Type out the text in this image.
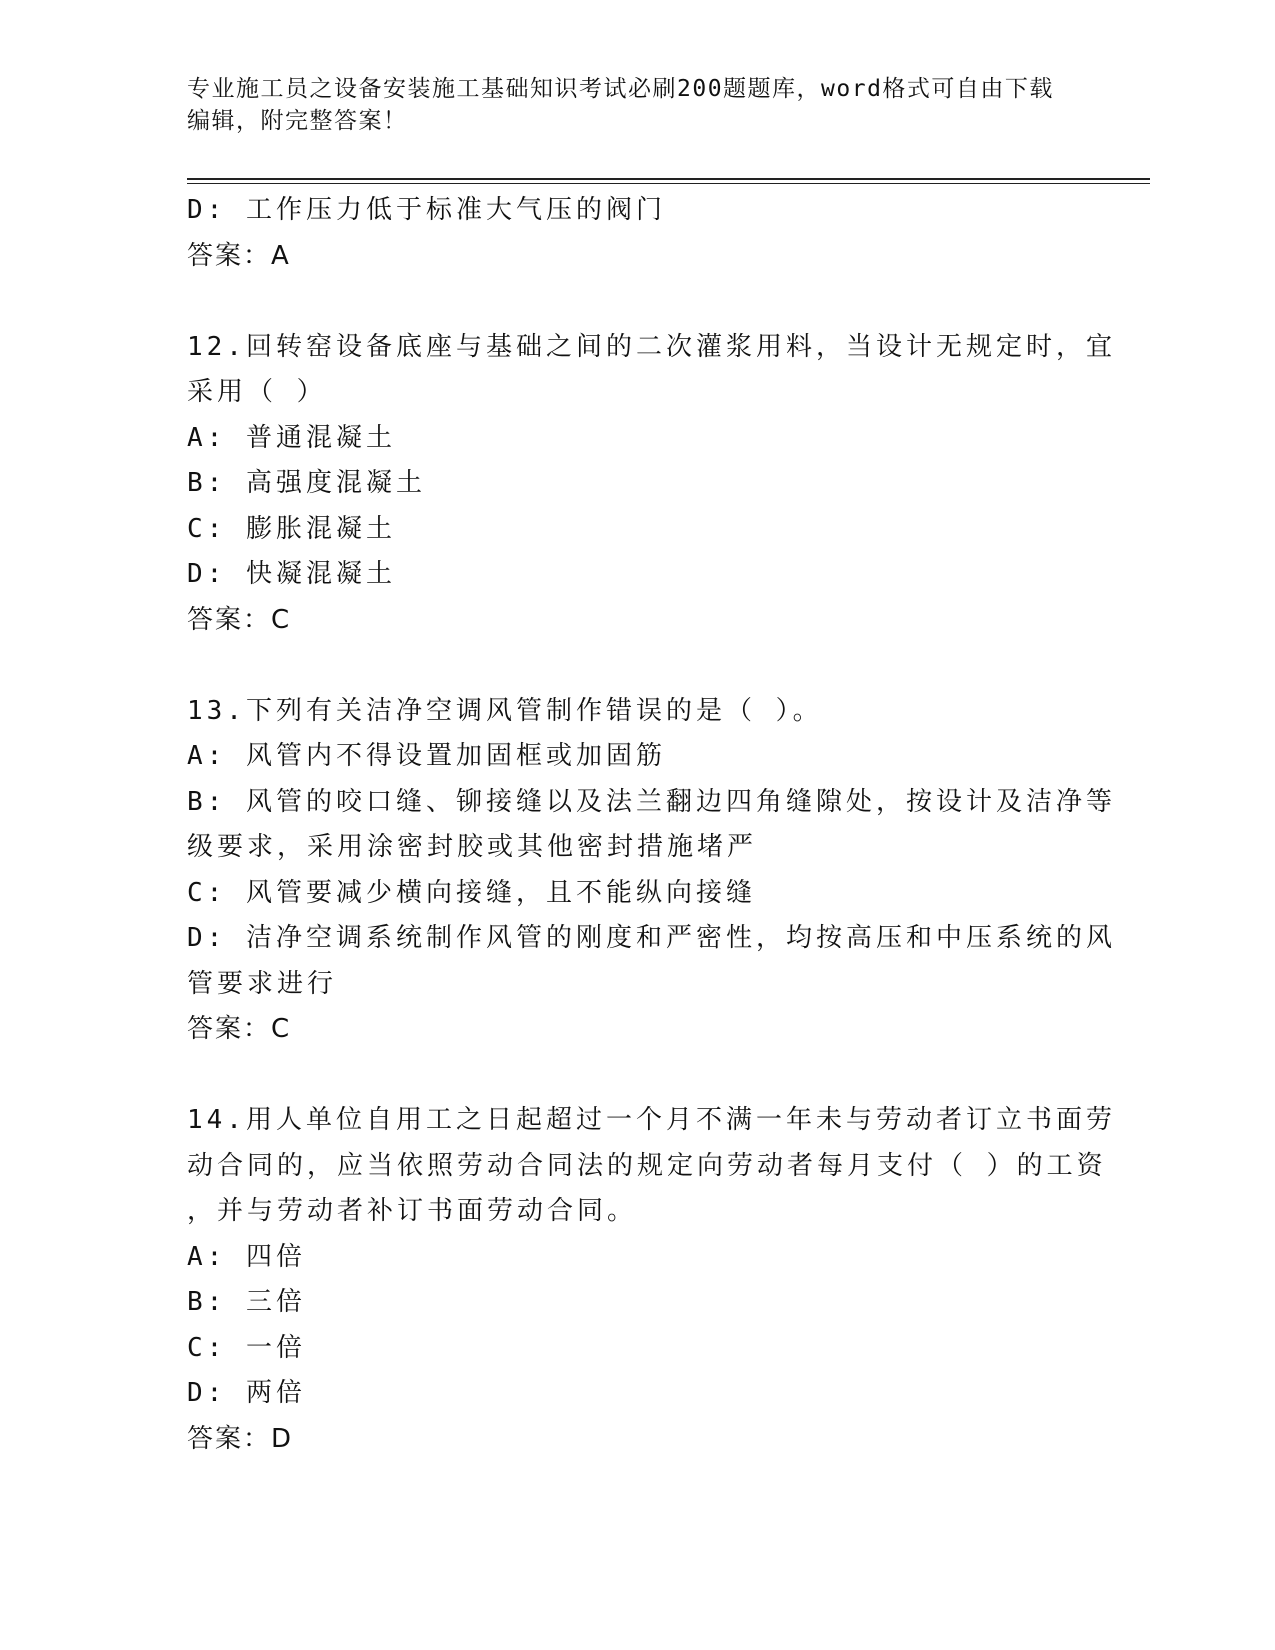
专业施工员之设备安装施工基础知识考试必刷200题题库，word格式可自由下载
编辑，附完整答案！
D: 工作压力低于标准大气压的阀门
答案：A
12.回转窑设备底座与基础之间的二次灌浆用料，当设计无规定时，宜
采用（ ）
A: 普通混凝土
B: 高强度混凝土
C: 膨胀混凝土
D: 快凝混凝土
答案：C
13.下列有关洁净空调风管制作错误的是（ ）。
A: 风管内不得设置加固框或加固筋
B: 风管的咬口缝、铆接缝以及法兰翻边四角缝隙处，按设计及洁净等
级要求，采用涂密封胶或其他密封措施堵严
C: 风管要减少横向接缝，且不能纵向接缝
D: 洁净空调系统制作风管的刚度和严密性，均按高压和中压系统的风
管要求进行
答案：C
14.用人单位自用工之日起超过一个月不满一年未与劳动者订立书面劳
动合同的，应当依照劳动合同法的规定向劳动者每月支付（ ）的工资
，并与劳动者补订书面劳动合同。
A: 四倍
B: 三倍
C: 一倍
D: 两倍
答案：D
